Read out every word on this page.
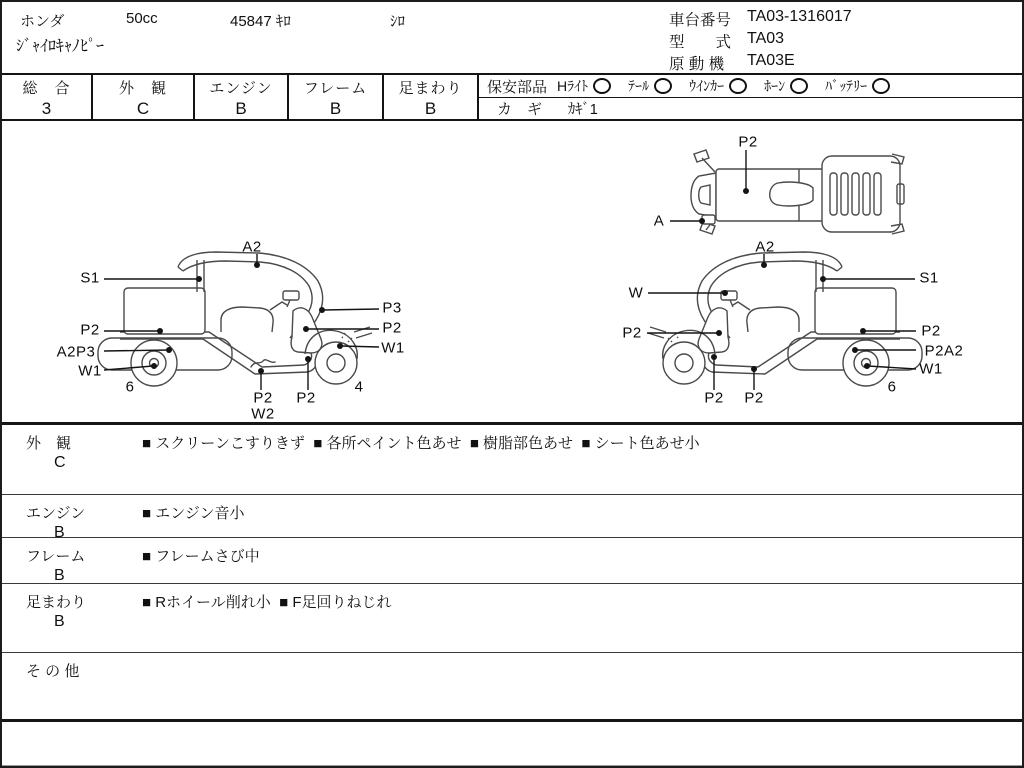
ホンダ	50cc	45847 ｷﾛ	ｼﾛ
ｼﾞｬｲﾛｷｬﾉﾋﾟｰ
車台番号 TA03-1316017
型　　式 TA03
原 動 機	TA03E
総　合
3
外　観
C
エンジン
B
フレーム
B
足まわり
B
保安部品 Hﾗｲﾄ	ﾃｰﾙ	ｳｲﾝｶｰ	ﾎｰﾝ	ﾊﾞｯﾃﾘｰ
カ　ギ ｶｷﾞ1
A2
S1
P3
P2
W1
P2
A2P3
W1
6
P2
W2
P2
4
A2
W
P2
S1
P2
P2A2
W1
6
P2 P2
P2
A
外　観
C
■ スクリーンこすりきず  ■ 各所ペイント色あせ  ■ 樹脂部色あせ  ■ シート色あせ小
エンジン
B
■ エンジン音小
フレーム
B
■ フレームさび中
足まわり
B
■ Rホイール削れ小  ■ F足回りねじれ
そ の 他
